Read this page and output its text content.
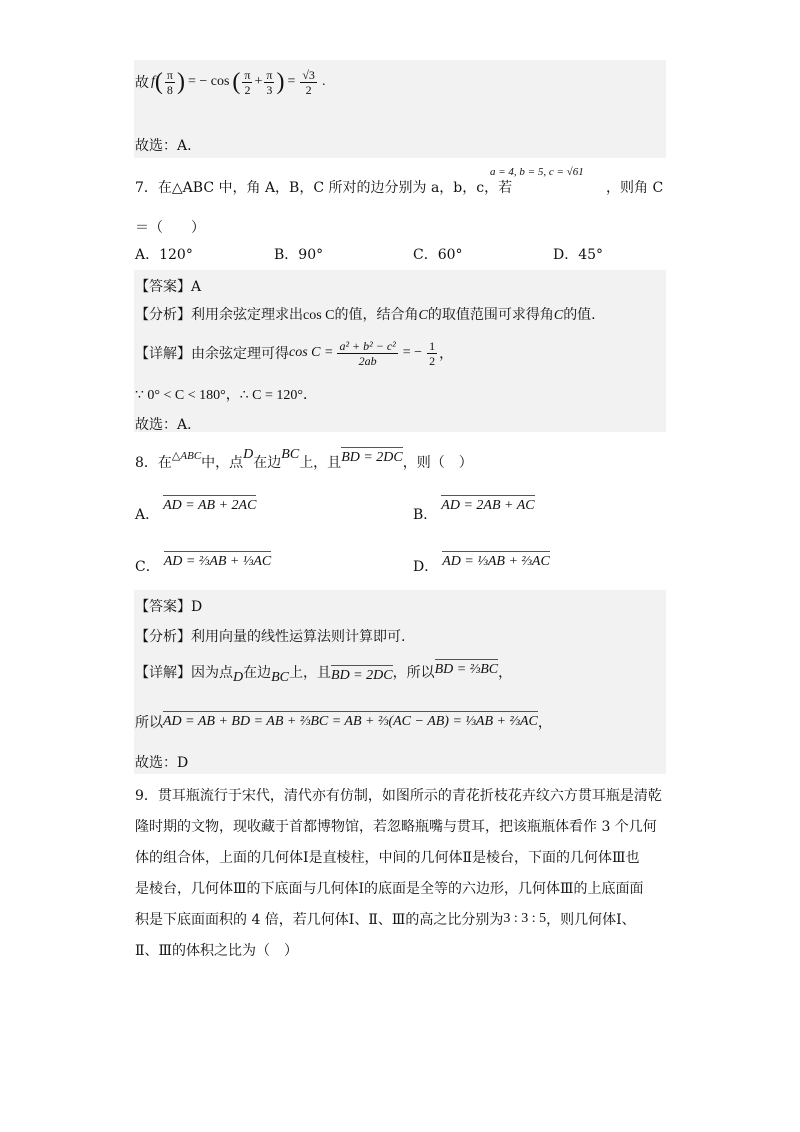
故 f ( $\frac{\pi}{8}$ ) = − cos ( $\frac{\pi}{2} + \frac{\pi}{3}$ ) = $\frac{√3}{2}$ .
故选：A.
7．在△ABC 中，角 A，B，C 所对的边分别为 a，b，c，若
a = 4, b = 5, c = √61
，则角 C
＝（　　）
A．120°	B．90°	C．60°	D．45°
【答案】A
【分析】利用余弦定理求出cos C的值，结合角C的取值范围可求得角C的值.
【详解】由余弦定理可得 $\cos C = \frac{\text{a² + b² − c²}}{2ab}$ = − $\frac{1}{2}$ ，
∵ 0° < C < 180°，∴ C = 120°．
故选：A．
8．在 △ABC 中，点
D
在边
BC
上，且 BD = 2DC ，则（　）
A．AD = AB + 2AC
B．AD = 2AB + AC
C． AD = ⅔AB + ⅓AC	D． AD = ⅓AB + ⅔AC
【答案】D
【分析】利用向量的线性运算法则计算即可.
【详解】因为点 D 在边 BC 上，且 BD = 2DC ，所以 BD = ⅔BC ，
所以 AD = AB + BD = AB + ⅔BC = AB + ⅔(AC − AB) = ⅓AB + ⅔AC ，
故选：D
9．贯耳瓶流行于宋代，清代亦有仿制，如图所示的青花折枝花卉纹六方贯耳瓶是清乾
隆时期的文物，现收藏于首都博物馆，若忽略瓶嘴与贯耳，把该瓶瓶体看作 3 个几何
体的组合体，上面的几何体Ⅰ是直棱柱，中间的几何体Ⅱ是棱台，下面的几何体Ⅲ也
是棱台，几何体Ⅲ的下底面与几何体Ⅰ的底面是全等的六边形，几何体Ⅲ的上底面面
积是下底面面积的 4 倍，若几何体Ⅰ、Ⅱ、Ⅲ的高之比分别为3 : 3 : 5，则几何体Ⅰ、
Ⅱ、Ⅲ的体积之比为（　）
